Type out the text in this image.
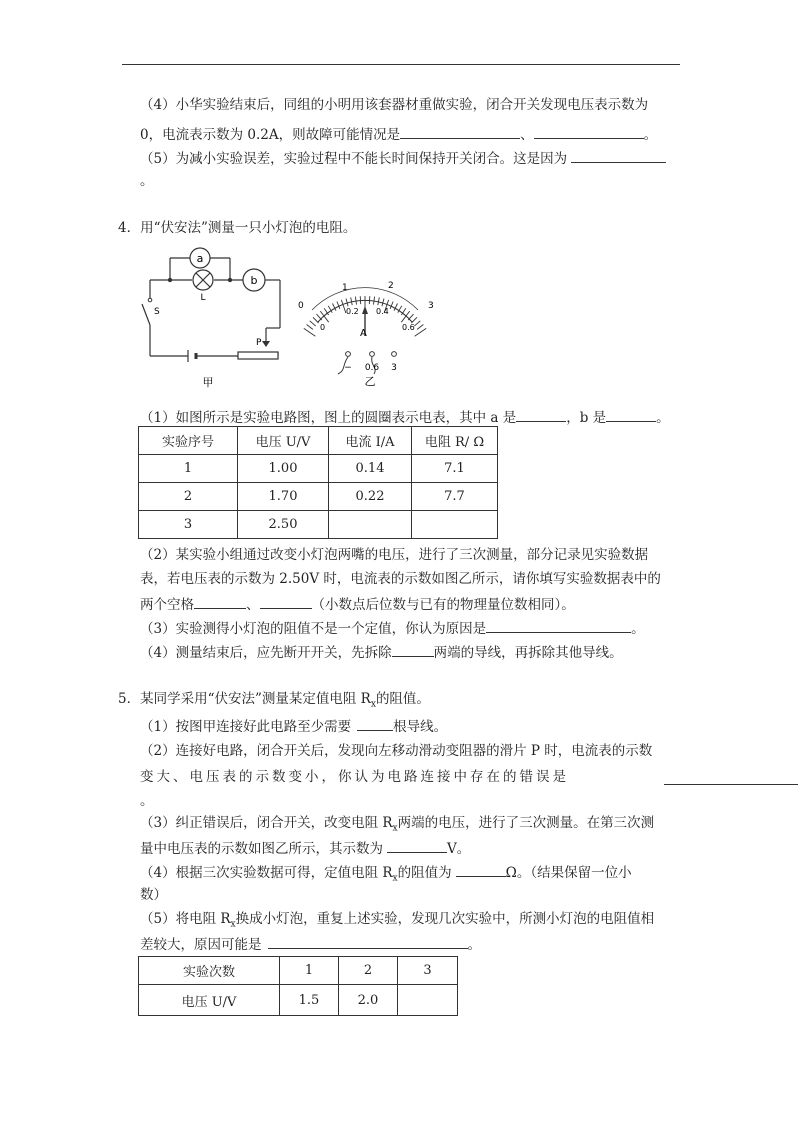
（4）小华实验结束后，同组的小明用该套器材重做实验，闭合开关发现电压表示数为
0，电流表示数为 0.2A，则故障可能情况是	、	。
（5）为减小实验误差，实验过程中不能长时间保持开关闭合。这是因为
。
4．用“伏安法”测量一只小灯泡的电阻。
a
b
L
S
P
甲
0
1	2
3
0
0.2 0.4
0.6
A
− 0.6 3
乙
（1）如图所示是实验电路图，图上的圆圈表示电表，其中 a 是	，b 是	。
实验序号	电压 U/V	电流 I/A	电阻 R/ Ω
1	1.00	0.14	7.1
2	1.70	0.22	7.7
3	2.50		
（2）某实验小组通过改变小灯泡两嘴的电压，进行了三次测量，部分记录见实验数据
表，若电压表的示数为 2.50V 时，电流表的示数如图乙所示，请你填写实验数据表中的
两个空格	、	（小数点后位数与已有的物理量位数相同）。
（3）实验测得小灯泡的阻值不是一个定值，你认为原因是	。
（4）测量结束后，应先断开开关，先拆除	两端的导线，再拆除其他导线。
5．某同学采用“伏安法”测量某定值电阻 $R_x$的阻值。
（1）按图甲连接好此电路至少需要	根导线。
（2）连接好电路，闭合开关后，发现向左移动滑动变阻器的滑片 P 时，电流表的示数
变大、电压表的示数变小，你认为电路连接中存在的错误是
。
（3）纠正错误后，闭合开关，改变电阻 $R_x$两端的电压，进行了三次测量。在第三次测
量中电压表的示数如图乙所示，其示数为	V。
（4）根据三次实验数据可得，定值电阻 $R_x$的阻值为	Ω。（结果保留一位小
数）
（5）将电阻 $R_x$换成小灯泡，重复上述实验，发现几次实验中，所测小灯泡的电阻值相
差较大，原因可能是	。
实验次数	1	2	3
电压 U/V	1.5	2.0	
